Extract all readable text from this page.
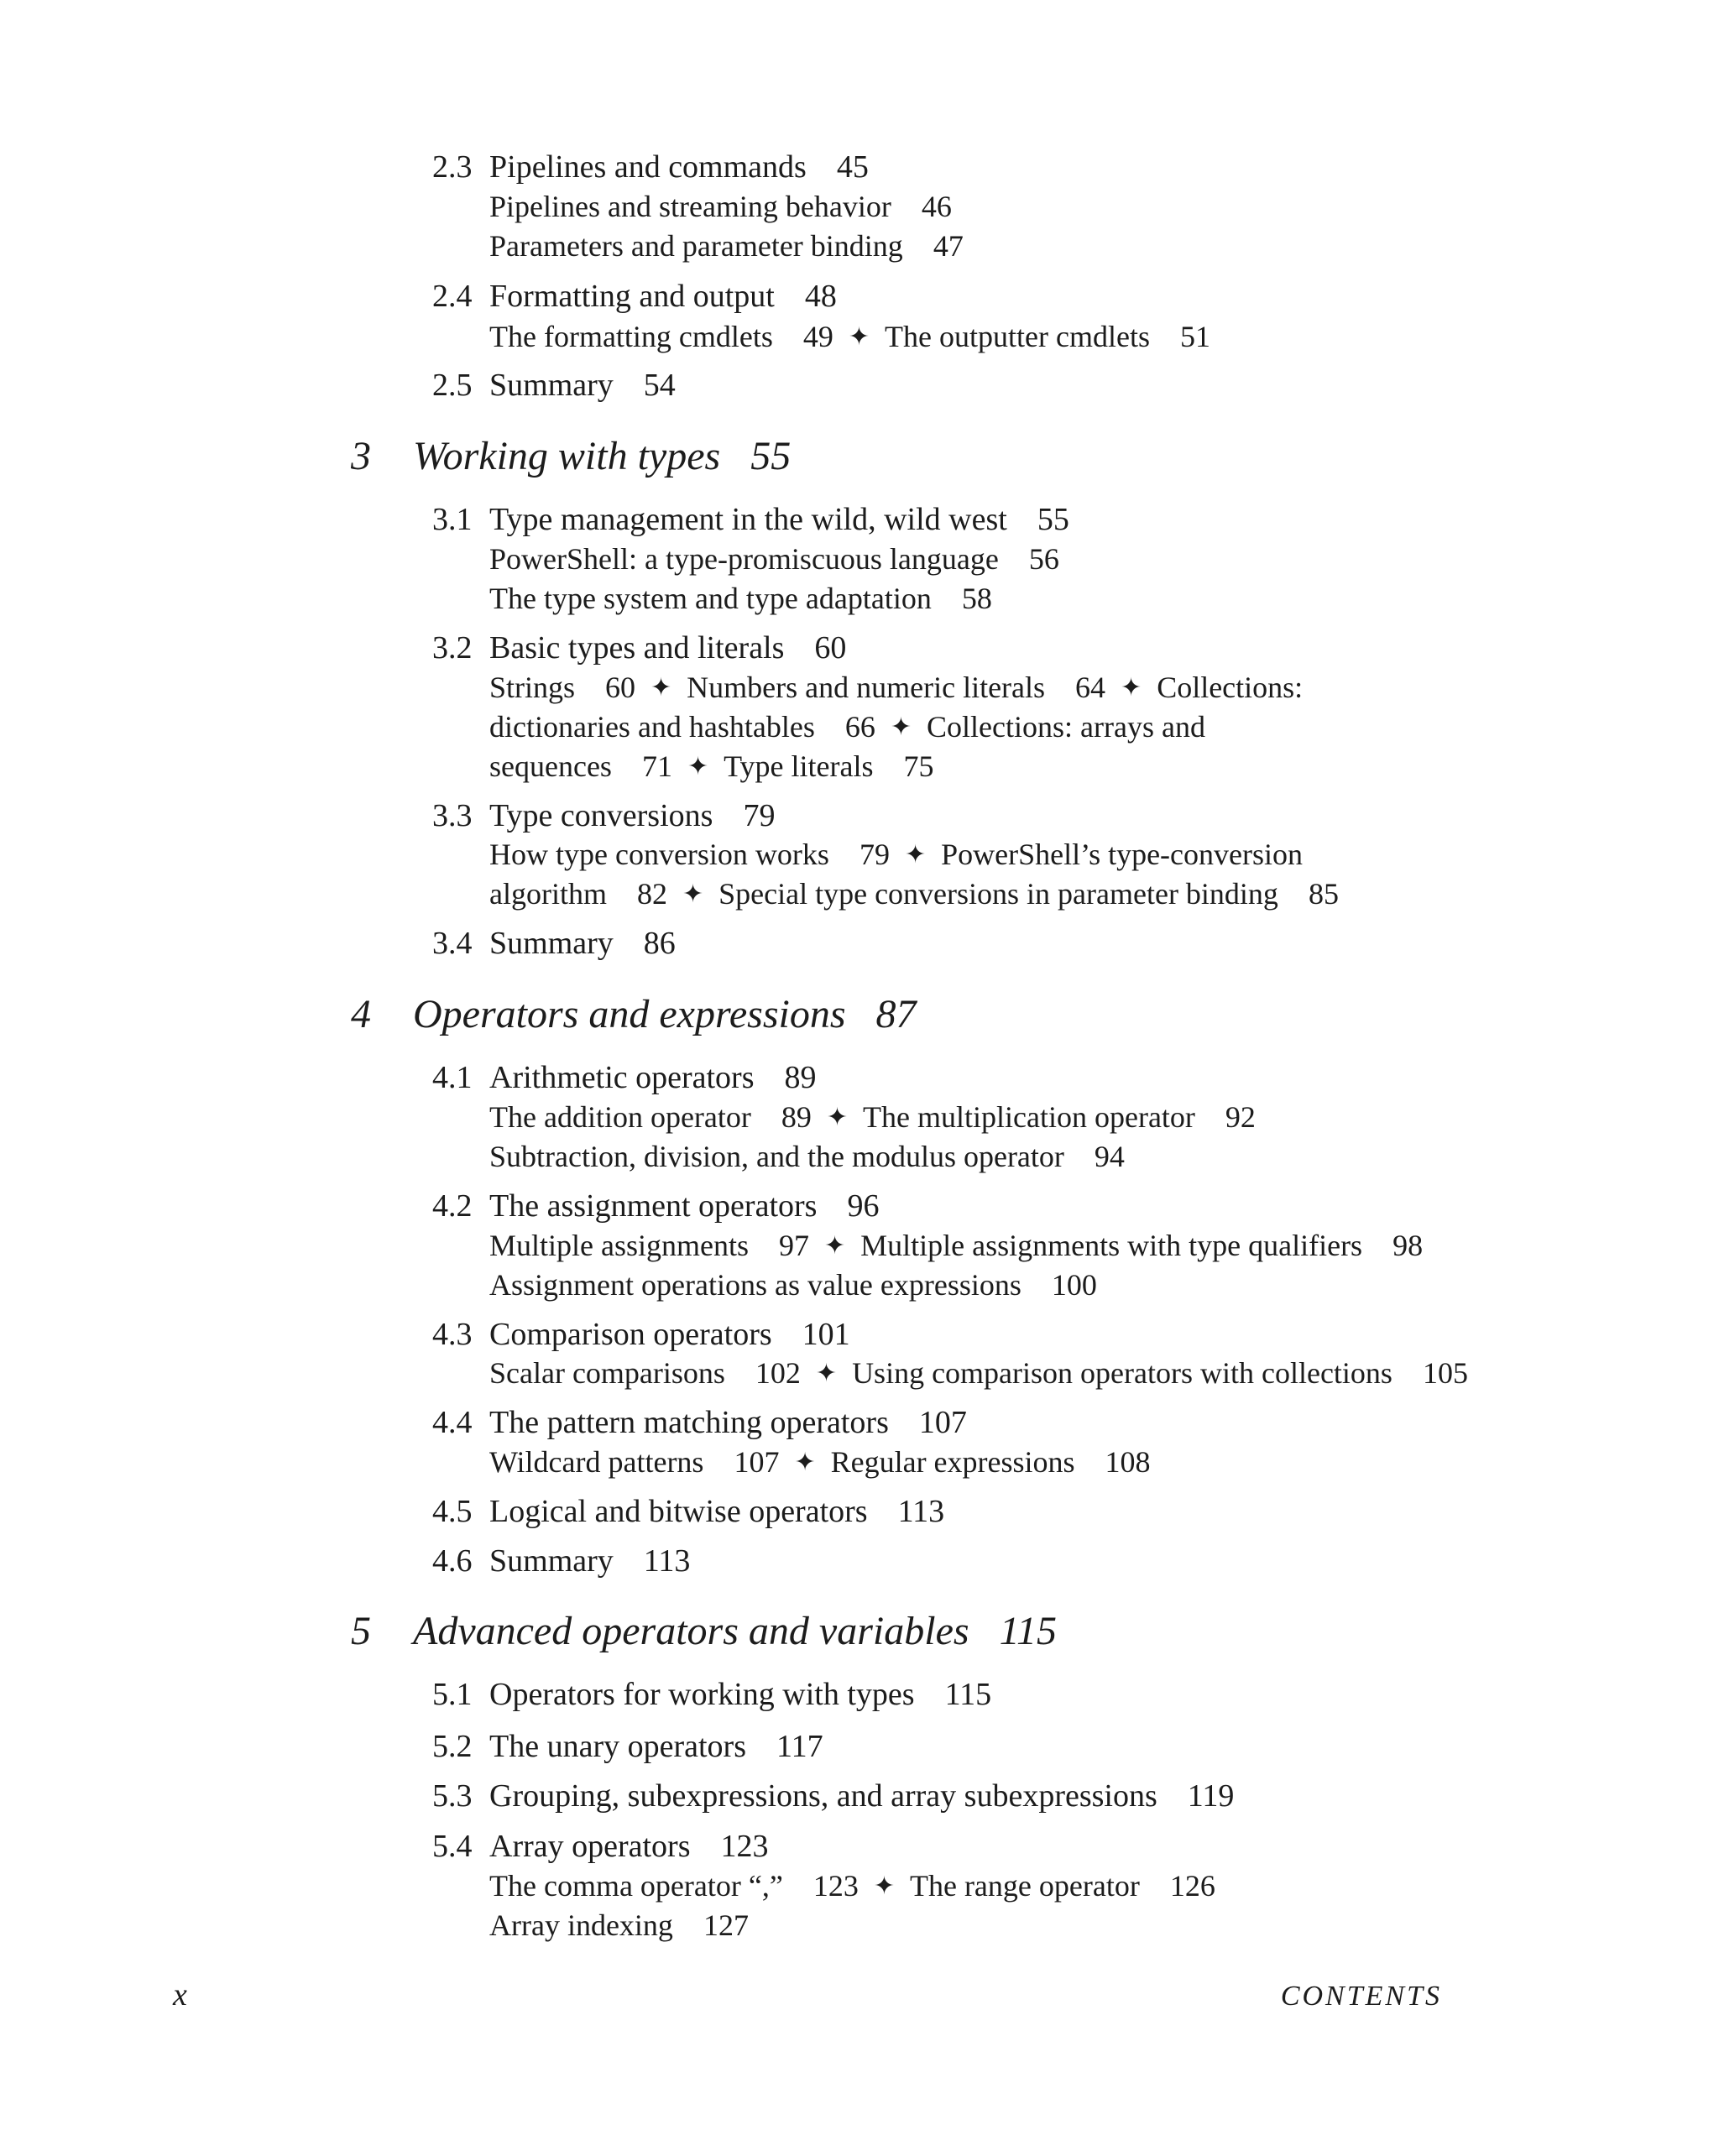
2.3 Pipelines and commands 45
Pipelines and streaming behavior 46
Parameters and parameter binding 47
2.4 Formatting and output 48
The formatting cmdlets 49 ✦ The outputter cmdlets 51
2.5 Summary 54
3 Working with types 55
3.1 Type management in the wild, wild west 55
PowerShell: a type-promiscuous language 56
The type system and type adaptation 58
3.2 Basic types and literals 60
Strings 60 ✦ Numbers and numeric literals 64 ✦ Collections:
dictionaries and hashtables 66 ✦ Collections: arrays and
sequences 71 ✦ Type literals 75
3.3 Type conversions 79
How type conversion works 79 ✦ PowerShell’s type-conversion
algorithm 82 ✦ Special type conversions in parameter binding 85
3.4 Summary 86
4 Operators and expressions 87
4.1 Arithmetic operators 89
The addition operator 89 ✦ The multiplication operator 92
Subtraction, division, and the modulus operator 94
4.2 The assignment operators 96
Multiple assignments 97 ✦ Multiple assignments with type qualifiers 98
Assignment operations as value expressions 100
4.3 Comparison operators 101
Scalar comparisons 102 ✦ Using comparison operators with collections 105
4.4 The pattern matching operators 107
Wildcard patterns 107 ✦ Regular expressions 108
4.5 Logical and bitwise operators 113
4.6 Summary 113
5 Advanced operators and variables 115
5.1 Operators for working with types 115
5.2 The unary operators 117
5.3 Grouping, subexpressions, and array subexpressions 119
5.4 Array operators 123
The comma operator “,” 123 ✦ The range operator 126
Array indexing 127
x	CONTENTS
